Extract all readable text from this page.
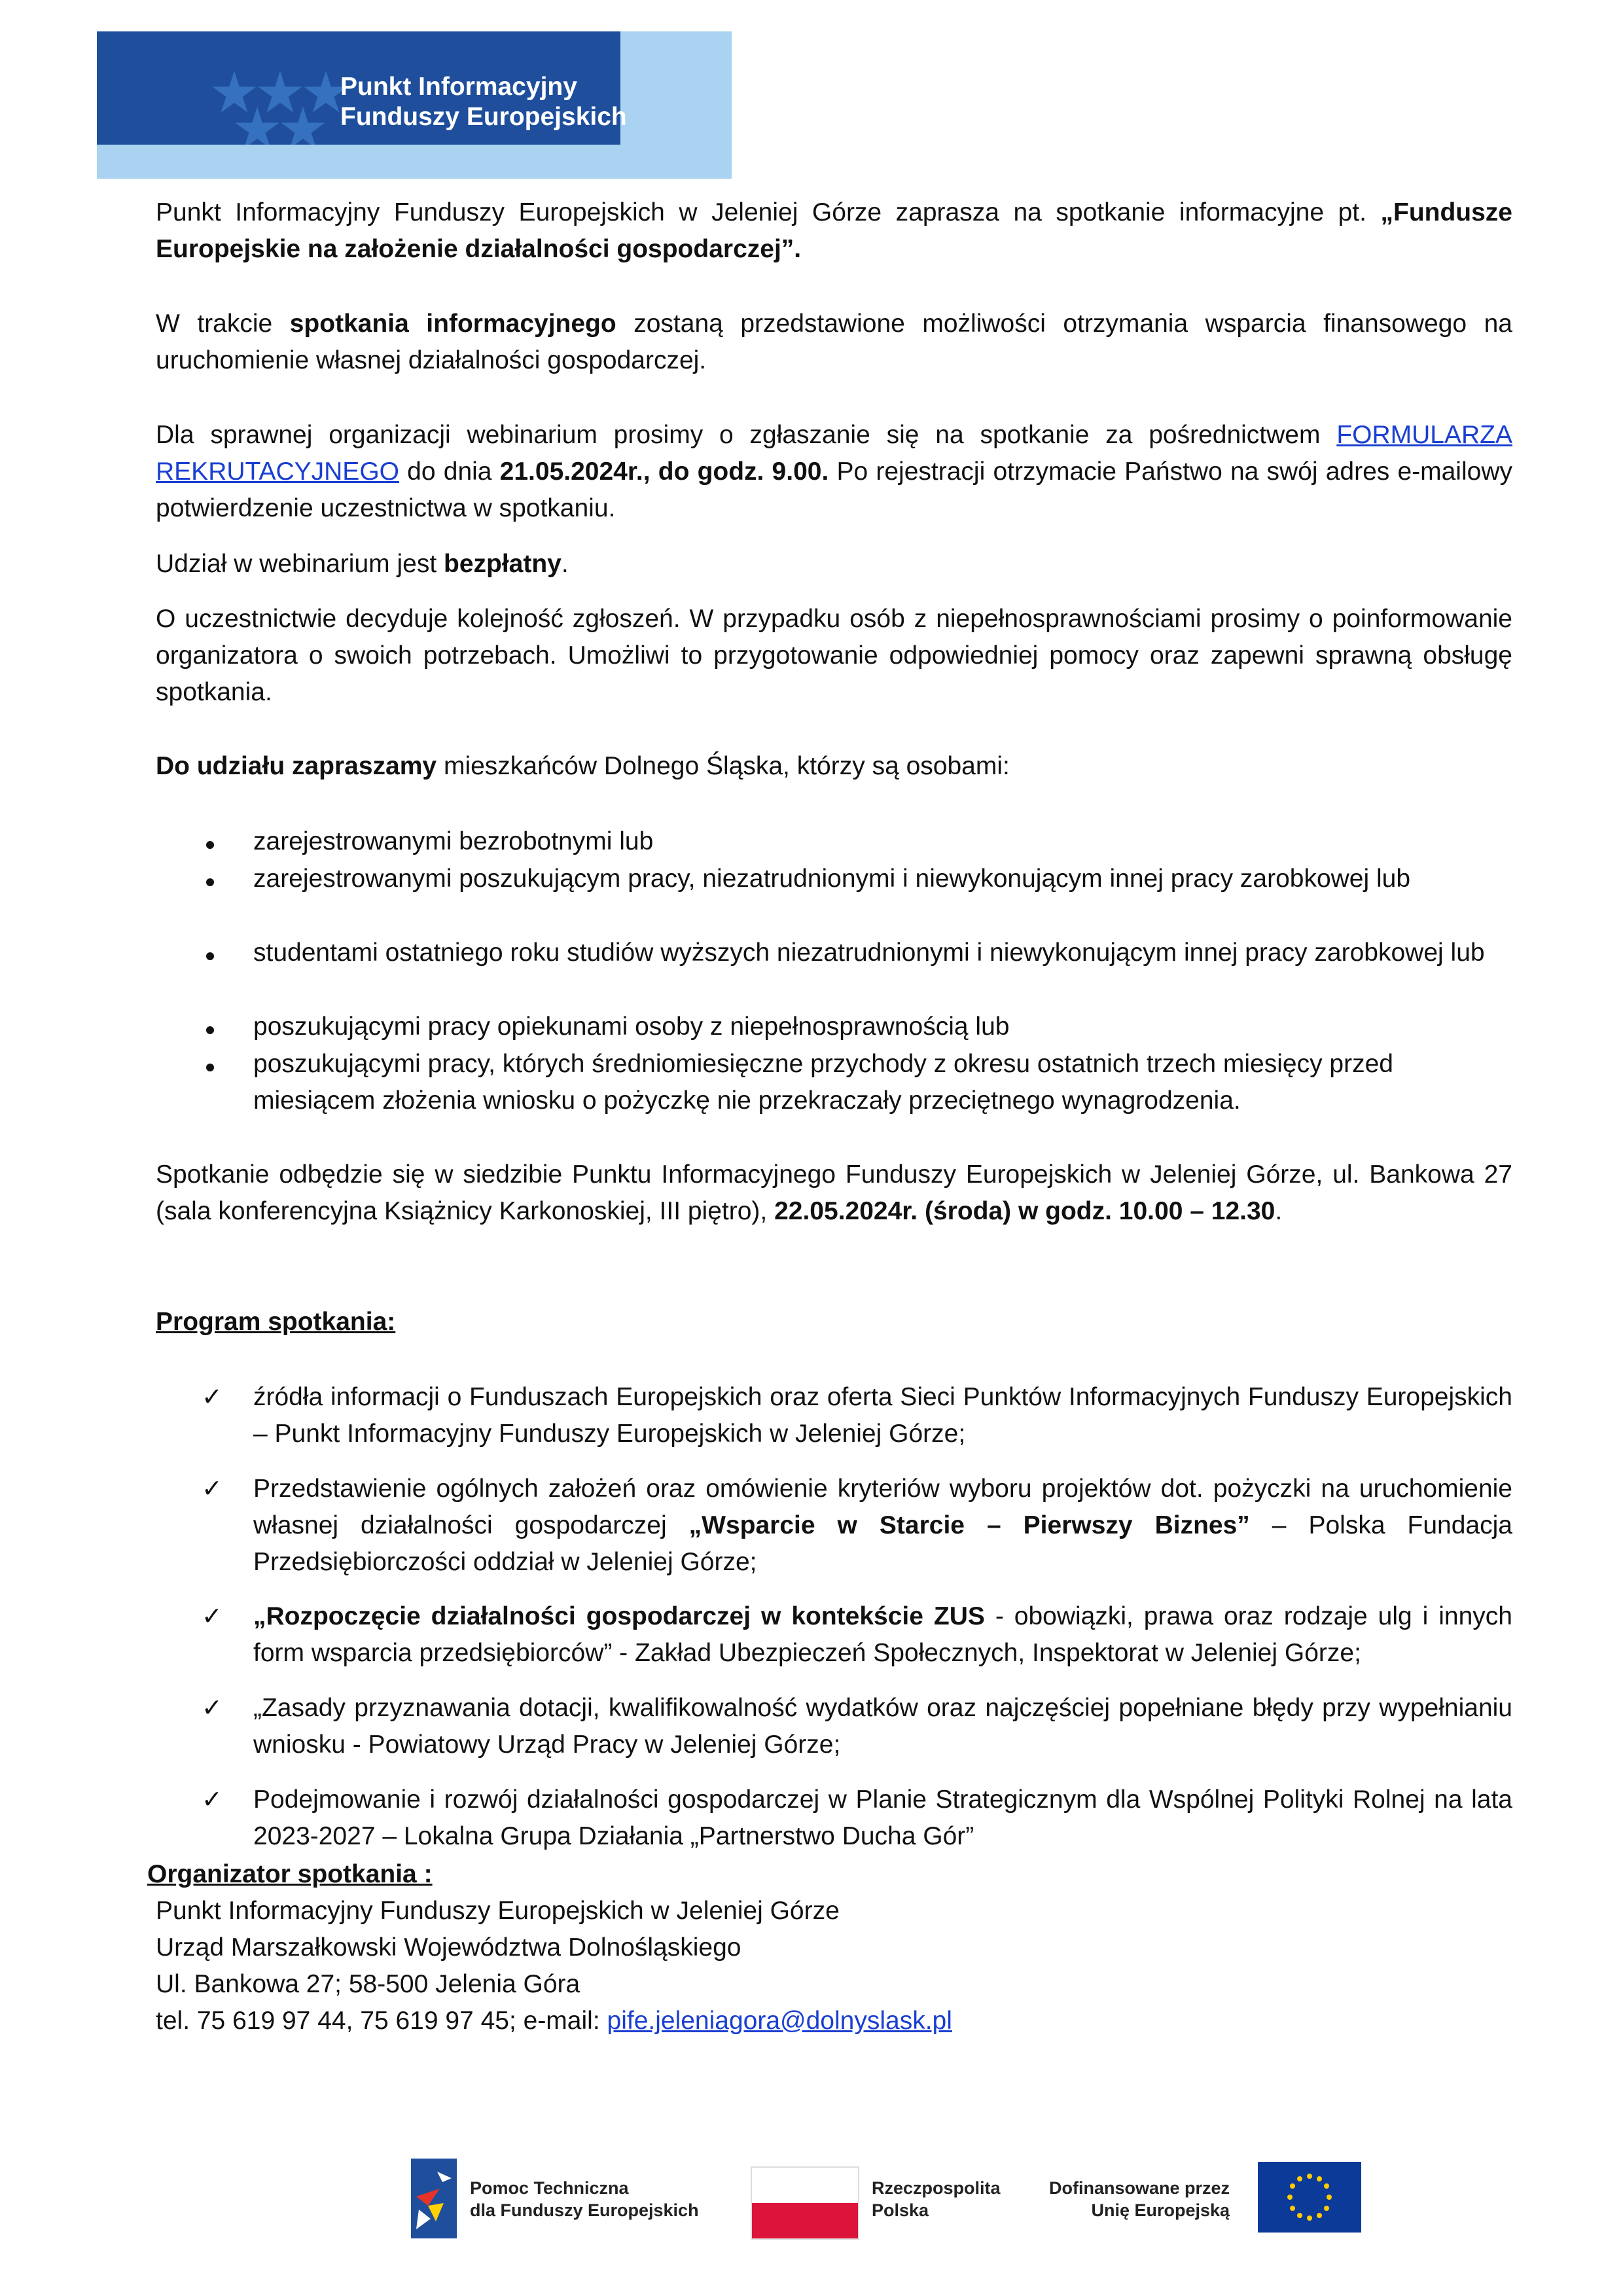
Punkt Informacyjny
Funduszy Europejskich
Punkt Informacyjny Funduszy Europejskich w Jeleniej Górze zaprasza na spotkanie informacyjne pt. „Fundusze Europejskie na założenie działalności gospodarczej”.
W trakcie spotkania informacyjnego zostaną przedstawione możliwości otrzymania wsparcia finansowego na uruchomienie własnej działalności gospodarczej.
Dla sprawnej organizacji webinarium prosimy o zgłaszanie się na spotkanie za pośrednictwem FORMULARZA REKRUTACYJNEGO do dnia 21.05.2024r., do godz. 9.00. Po rejestracji otrzymacie Państwo na swój adres e-mailowy potwierdzenie uczestnictwa w spotkaniu.
Udział w webinarium jest bezpłatny.
O uczestnictwie decyduje kolejność zgłoszeń. W przypadku osób z niepełnosprawnościami prosimy o poinformowanie organizatora o swoich potrzebach. Umożliwi to przygotowanie odpowiedniej pomocy oraz zapewni sprawną obsługę spotkania.
Do udziału zapraszamy mieszkańców Dolnego Śląska, którzy są osobami:
zarejestrowanymi bezrobotnymi lub
zarejestrowanymi poszukującym pracy, niezatrudnionymi i niewykonującym innej pracy zarobkowej lub
studentami ostatniego roku studiów wyższych niezatrudnionymi i niewykonującym innej pracy zarobkowej lub
poszukującymi pracy opiekunami osoby z niepełnosprawnością lub
poszukującymi pracy, których średniomiesięczne przychody z okresu ostatnich trzech miesięcy przed miesiącem złożenia wniosku o pożyczkę nie przekraczały przeciętnego wynagrodzenia.
Spotkanie odbędzie się w siedzibie Punktu Informacyjnego Funduszy Europejskich w Jeleniej Górze, ul. Bankowa 27 (sala konferencyjna Książnicy Karkonoskiej, III piętro), 22.05.2024r. (środa) w godz. 10.00 – 12.30.
Program spotkania:
✓ źródła informacji o Funduszach Europejskich oraz oferta Sieci Punktów Informacyjnych Funduszy Europejskich – Punkt Informacyjny Funduszy Europejskich w Jeleniej Górze;
✓ Przedstawienie ogólnych założeń oraz omówienie kryteriów wyboru projektów dot. pożyczki na uruchomienie własnej działalności gospodarczej „Wsparcie w Starcie – Pierwszy Biznes” – Polska Fundacja Przedsiębiorczości oddział w Jeleniej Górze;
✓ „Rozpoczęcie działalności gospodarczej w kontekście ZUS - obowiązki, prawa oraz rodzaje ulg i innych form wsparcia przedsiębiorców” - Zakład Ubezpieczeń Społecznych, Inspektorat w Jeleniej Górze;
✓ „Zasady przyznawania dotacji, kwalifikowalność wydatków oraz najczęściej popełniane błędy przy wypełnianiu wniosku - Powiatowy Urząd Pracy w Jeleniej Górze;
✓ Podejmowanie i rozwój działalności gospodarczej w Planie Strategicznym dla Wspólnej Polityki Rolnej na lata 2023-2027 – Lokalna Grupa Działania „Partnerstwo Ducha Gór”
Organizator spotkania :
Punkt Informacyjny Funduszy Europejskich w Jeleniej Górze
Urząd Marszałkowski Województwa Dolnośląskiego
Ul. Bankowa 27; 58-500 Jelenia Góra
tel. 75 619 97 44, 75 619 97 45; e-mail: pife.jeleniagora@dolnyslask.pl
Pomoc Techniczna
dla Funduszy Europejskich
Rzeczpospolita
Polska
Dofinansowane przez
Unię Europejską
